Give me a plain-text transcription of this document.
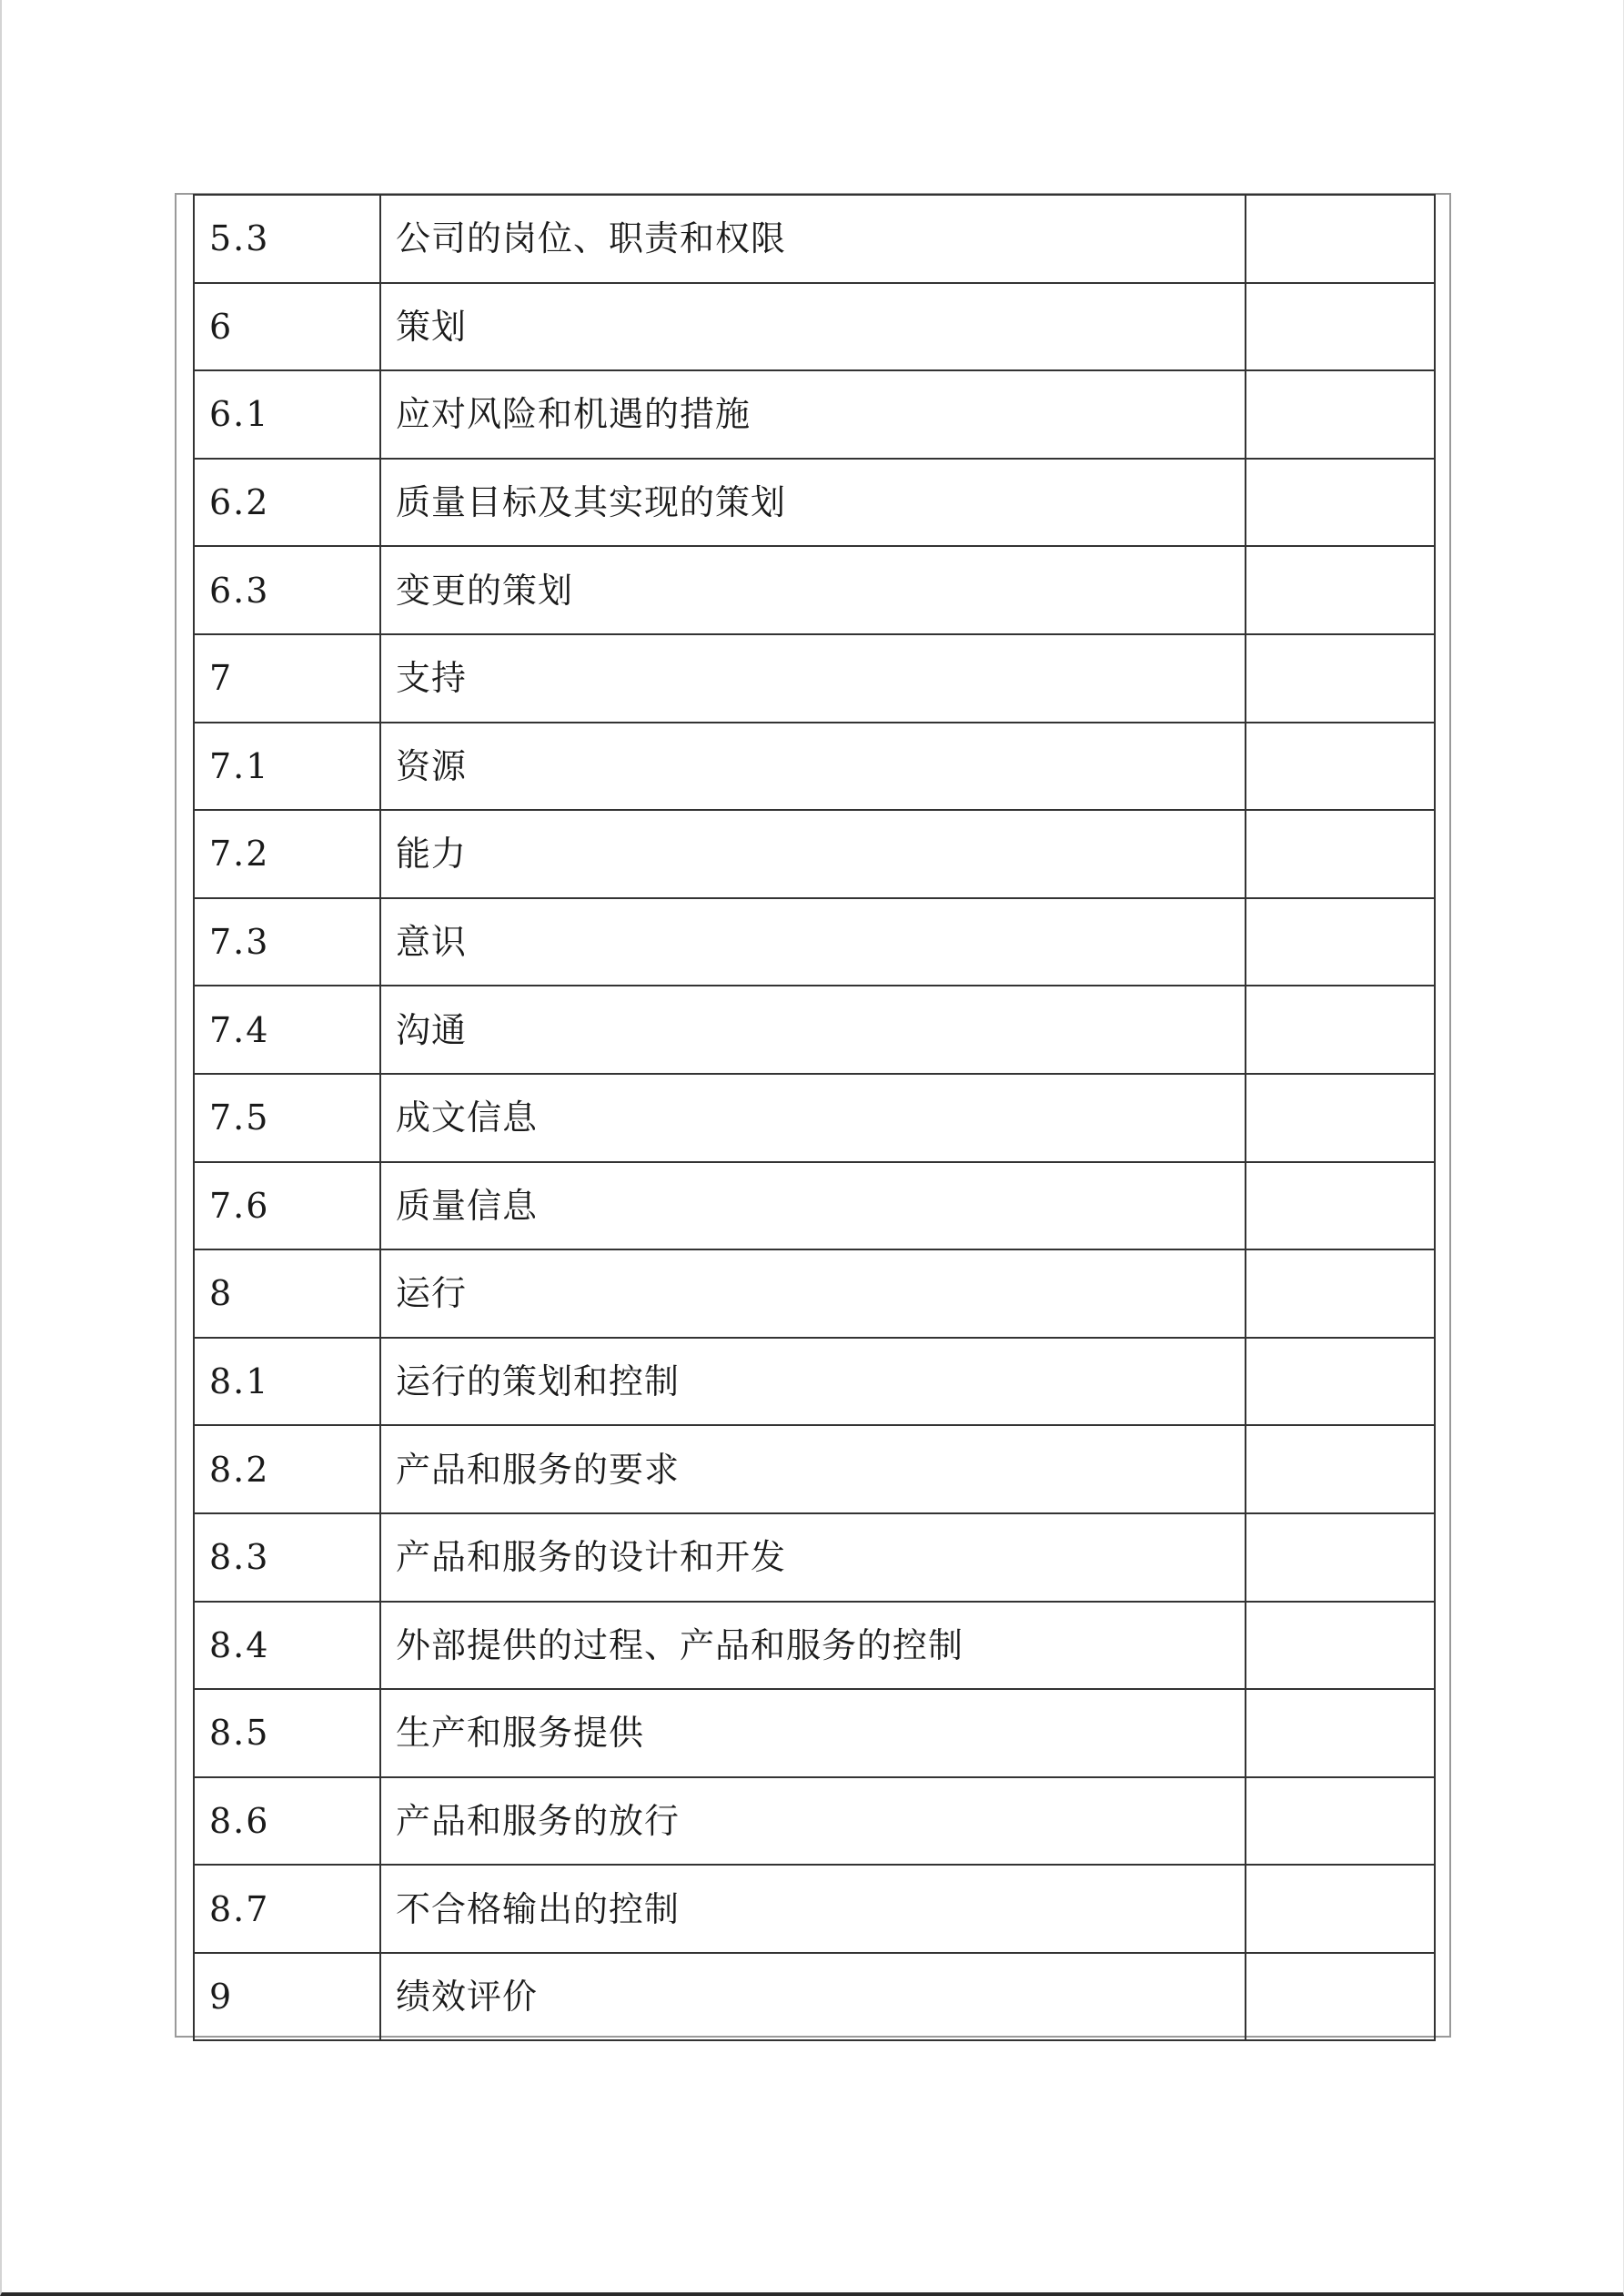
5.3	公司的岗位、职责和权限	
6	策划	
6.1	应对风险和机遇的措施	
6.2	质量目标及其实现的策划	
6.3	变更的策划	
7	支持	
7.1	资源	
7.2	能力	
7.3	意识	
7.4	沟通	
7.5	成文信息	
7.6	质量信息	
8	运行	
8.1	运行的策划和控制	
8.2	产品和服务的要求	
8.3	产品和服务的设计和开发	
8.4	外部提供的过程、产品和服务的控制	
8.5	生产和服务提供	
8.6	产品和服务的放行	
8.7	不合格输出的控制	
9	绩效评价	
